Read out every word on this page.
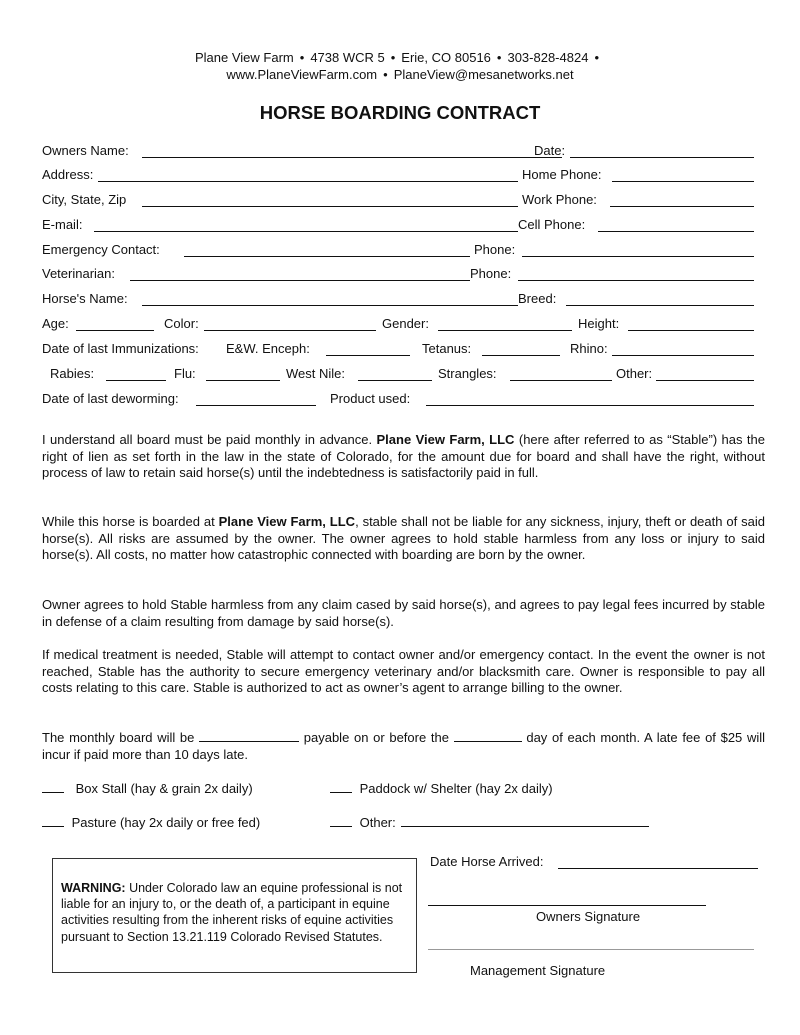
Plane View Farm • 4738 WCR 5 • Erie, CO 80516 • 303-828-4824 •
www.PlaneViewFarm.com • PlaneView@mesanetworks.net
HORSE BOARDING CONTRACT
Owners Name:	Date:
Address:	Home Phone:
City, State, Zip	Work Phone:
E-mail:	Cell Phone:
Emergency Contact:	Phone:
Veterinarian:	Phone:
Horse's Name:	Breed:
Age:	Color:	Gender:	Height:
Date of last Immunizations: E&W. Enceph:	Tetanus:	Rhino:
Rabies:	Flu:	West Nile:	Strangles:	Other:
Date of last deworming:	Product used:
I understand all board must be paid monthly in advance. Plane View Farm, LLC (here after referred to as “Stable”) has the right of lien as set forth in the law in the state of Colorado, for the amount due for board and shall have the right, without process of law to retain said horse(s) until the indebtedness is satisfactorily paid in full.
While this horse is boarded at Plane View Farm, LLC, stable shall not be liable for any sickness, injury, theft or death of said horse(s). All risks are assumed by the owner. The owner agrees to hold stable harmless from any loss or injury to said horse(s). All costs, no matter how catastrophic connected with boarding are born by the owner.
Owner agrees to hold Stable harmless from any claim cased by said horse(s), and agrees to pay legal fees incurred by stable in defense of a claim resulting from damage by said horse(s).
If medical treatment is needed, Stable will attempt to contact owner and/or emergency contact. In the event the owner is not reached, Stable has the authority to secure emergency veterinary and/or blacksmith care. Owner is responsible to pay all costs relating to this care. Stable is authorized to act as owner’s agent to arrange billing to the owner.
The monthly board will be	payable on or before the	day of each month. A late fee of $25 will incur if paid more than 10 days late.
Box Stall (hay & grain 2x daily)	Paddock w/ Shelter (hay 2x daily)
Pasture (hay 2x daily or free fed)	Other:
WARNING: Under Colorado law an equine professional is not liable for an injury to, or the death of, a participant in equine activities resulting from the inherent risks of equine activities pursuant to Section 13.21.119 Colorado Revised Statutes.
Date Horse Arrived:
Owners Signature
Management Signature
